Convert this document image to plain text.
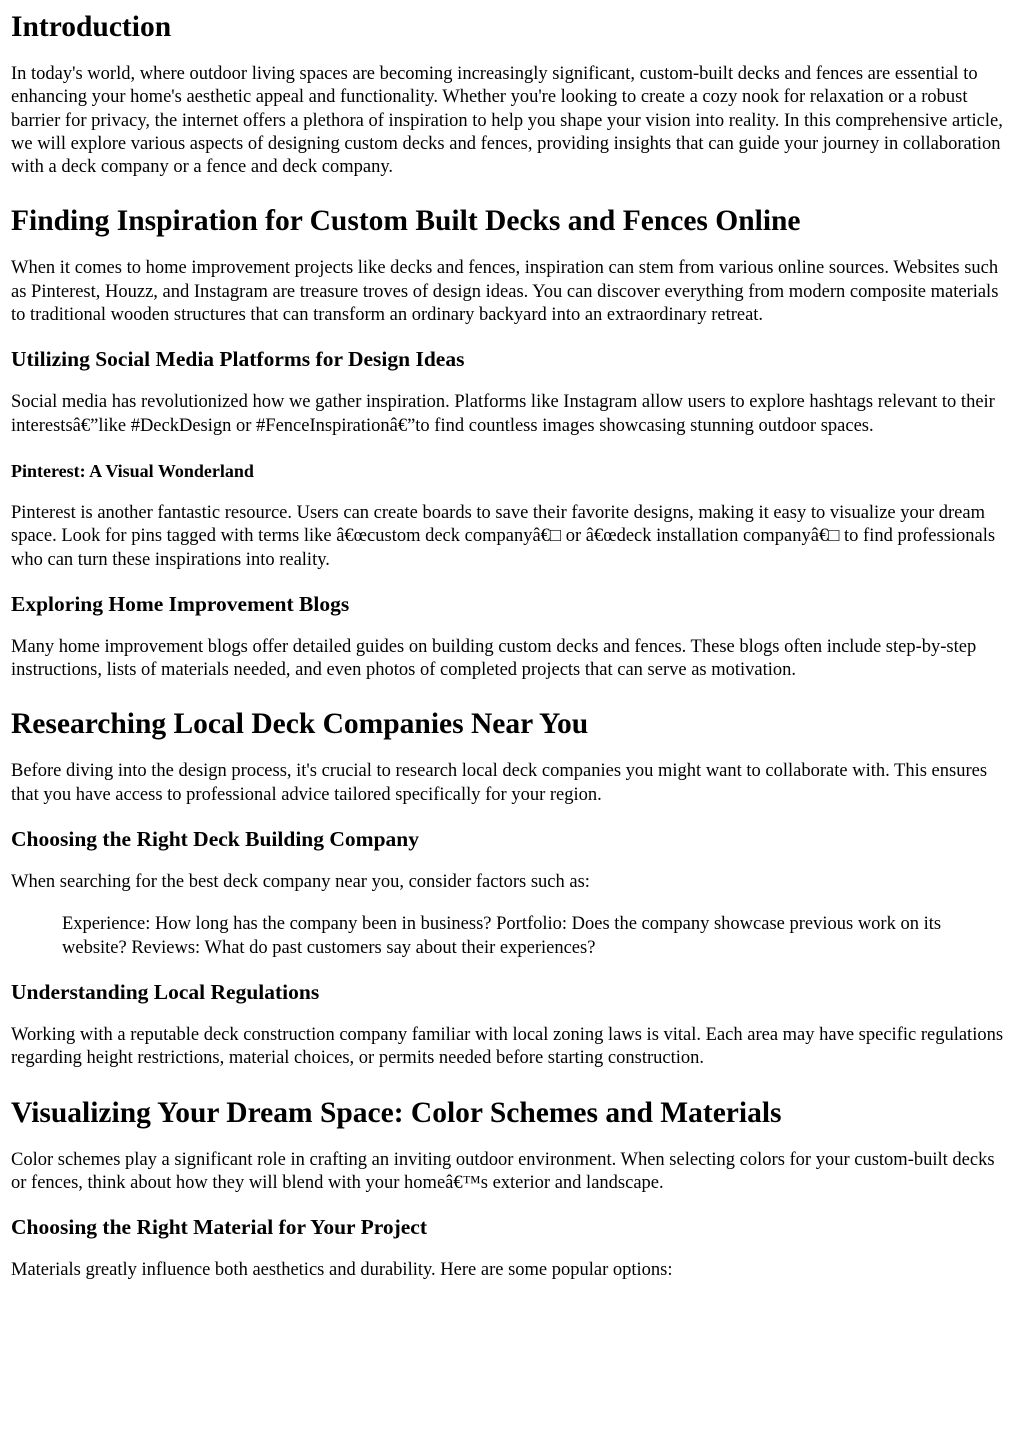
Introduction

In today's world, where outdoor living spaces are becoming increasingly significant, custom-built decks and fences are essential to enhancing your home's aesthetic appeal and functionality. Whether you're looking to create a cozy nook for relaxation or a robust barrier for privacy, the internet offers a plethora of inspiration to help you shape your vision into reality. In this comprehensive article, we will explore various aspects of designing custom decks and fences, providing insights that can guide your journey in collaboration with a deck company or a fence and deck company.

Finding Inspiration for Custom Built Decks and Fences Online

When it comes to home improvement projects like decks and fences, inspiration can stem from various online sources. Websites such as Pinterest, Houzz, and Instagram are treasure troves of design ideas. You can discover everything from modern composite materials to traditional wooden structures that can transform an ordinary backyard into an extraordinary retreat.

Utilizing Social Media Platforms for Design Ideas

Social media has revolutionized how we gather inspiration. Platforms like Instagram allow users to explore hashtags relevant to their interestsâ€”like #DeckDesign or #FenceInspirationâ€”to find countless images showcasing stunning outdoor spaces.

Pinterest: A Visual Wonderland

Pinterest is another fantastic resource. Users can create boards to save their favorite designs, making it easy to visualize your dream space. Look for pins tagged with terms like â€œcustom deck companyâ€□ or â€œdeck installation companyâ€□ to find professionals who can turn these inspirations into reality.

Exploring Home Improvement Blogs

Many home improvement blogs offer detailed guides on building custom decks and fences. These blogs often include step-by-step instructions, lists of materials needed, and even photos of completed projects that can serve as motivation.

Researching Local Deck Companies Near You

Before diving into the design process, it's crucial to research local deck companies you might want to collaborate with. This ensures that you have access to professional advice tailored specifically for your region.

Choosing the Right Deck Building Company

When searching for the best deck company near you, consider factors such as:

Experience: How long has the company been in business? Portfolio: Does the company showcase previous work on its website? Reviews: What do past customers say about their experiences?
Understanding Local Regulations

Working with a reputable deck construction company familiar with local zoning laws is vital. Each area may have specific regulations regarding height restrictions, material choices, or permits needed before starting construction.

Visualizing Your Dream Space: Color Schemes and Materials

Color schemes play a significant role in crafting an inviting outdoor environment. When selecting colors for your custom-built decks or fences, think about how they will blend with your homeâ€™s exterior and landscape.

Choosing the Right Material for Your Project

Materials greatly influence both aesthetics and durability. Here are some popular options:
